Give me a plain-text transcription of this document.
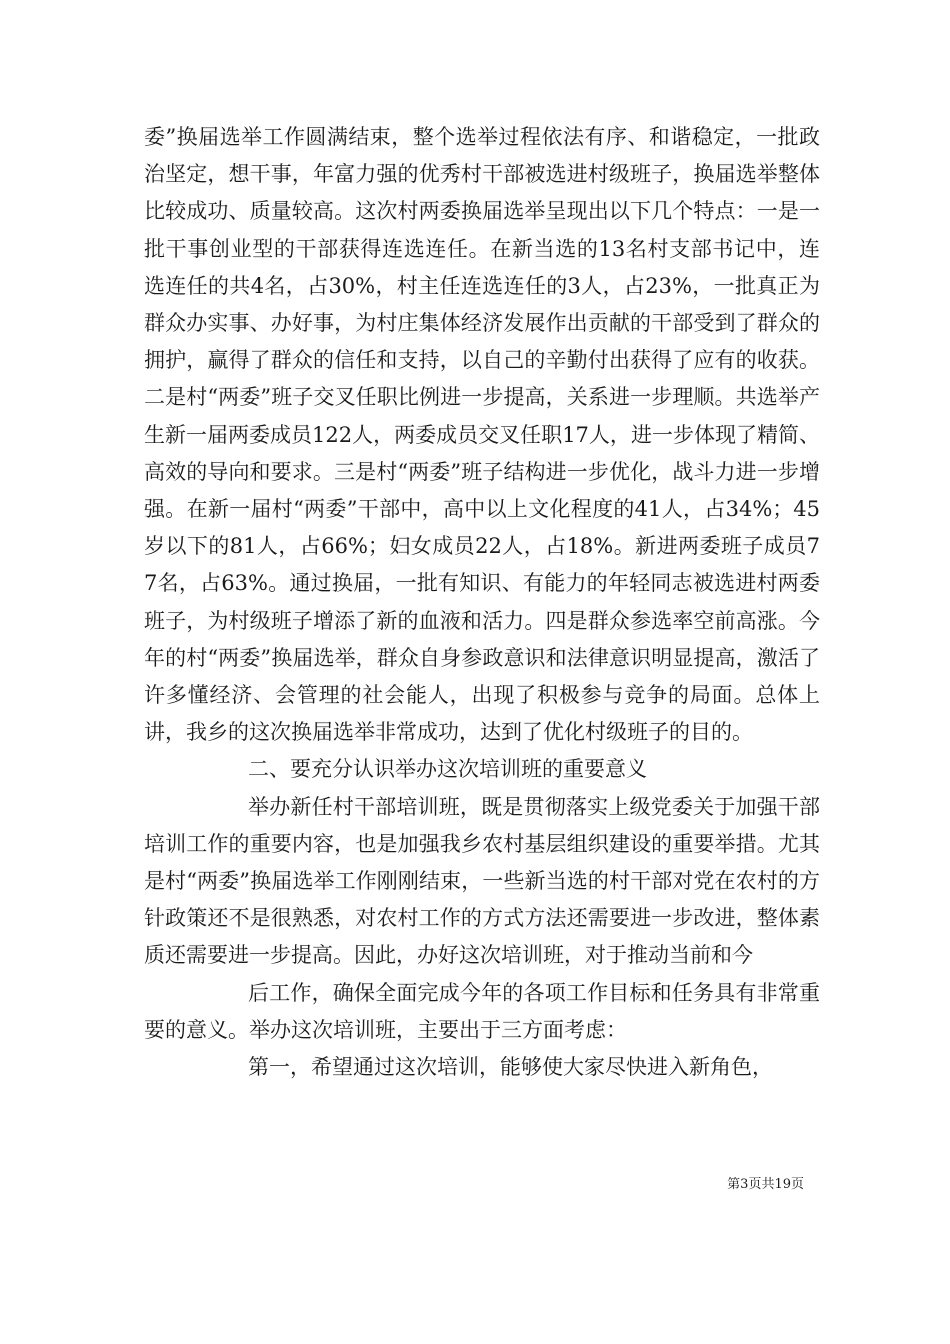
委”换届选举工作圆满结束，整个选举过程依法有序、和谐稳定，一批政治坚定，想干事，年富力强的优秀村干部被选进村级班子，换届选举整体比较成功、质量较高。这次村两委换届选举呈现出以下几个特点：一是一批干事创业型的干部获得连选连任。在新当选的13名村支部书记中，连选连任的共4名，占30%，村主任连选连任的3人，占23%，一批真正为群众办实事、办好事，为村庄集体经济发展作出贡献的干部受到了群众的拥护，赢得了群众的信任和支持，以自己的辛勤付出获得了应有的收获。二是村“两委”班子交叉任职比例进一步提高，关系进一步理顺。共选举产生新一届两委成员122人，两委成员交叉任职17人，进一步体现了精简、高效的导向和要求。三是村“两委”班子结构进一步优化，战斗力进一步增强。在新一届村“两委”干部中，高中以上文化程度的41人，占34%；45岁以下的81人，占66%；妇女成员22人，占18%。新进两委班子成员77名，占63%。通过换届，一批有知识、有能力的年轻同志被选进村两委班子，为村级班子增添了新的血液和活力。四是群众参选率空前高涨。今年的村“两委”换届选举，群众自身参政意识和法律意识明显提高，激活了许多懂经济、会管理的社会能人，出现了积极参与竞争的局面。总体上讲，我乡的这次换届选举非常成功，达到了优化村级班子的目的。

二、要充分认识举办这次培训班的重要意义

举办新任村干部培训班，既是贯彻落实上级党委关于加强干部培训工作的重要内容，也是加强我乡农村基层组织建设的重要举措。尤其是村“两委”换届选举工作刚刚结束，一些新当选的村干部对党在农村的方针政策还不是很熟悉，对农村工作的方式方法还需要进一步改进，整体素质还需要进一步提高。因此，办好这次培训班，对于推动当前和今

后工作，确保全面完成今年的各项工作目标和任务具有非常重要的意义。举办这次培训班，主要出于三方面考虑：

第一，希望通过这次培训，能够使大家尽快进入新角色，

第3页共19页
